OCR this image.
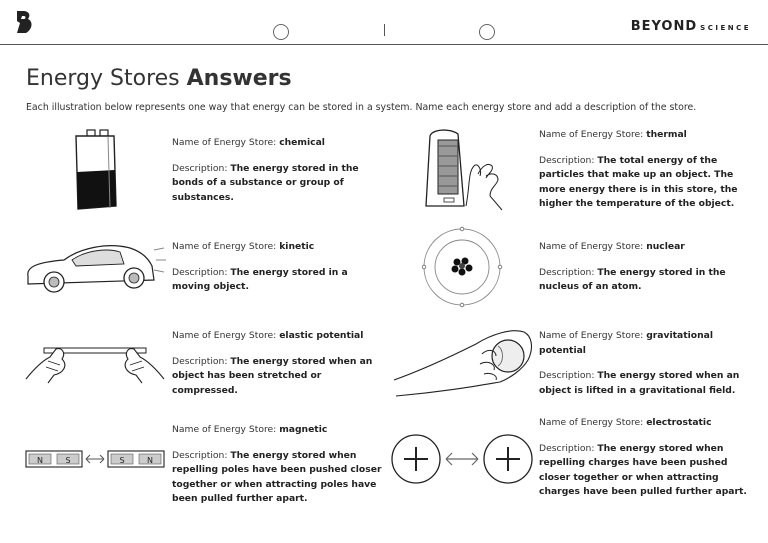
BEYOND SCIENCE
Energy Stores Answers
Each illustration below represents one way that energy can be stored in a system. Name each energy store and add a description of the store.
N	S	S	N
Name of Energy Store: chemical
Description: The energy stored in the bonds of a substance or group of substances.
Name of Energy Store: thermal
Description: The total energy of the particles that make up an object. The more energy there is in this store, the higher the temperature of the object.
Name of Energy Store: kinetic
Description: The energy stored in a moving object.
Name of Energy Store: nuclear
Description: The energy stored in the nucleus of an atom.
Name of Energy Store: elastic potential
Description: The energy stored when an object has been stretched or compressed.
Name of Energy Store: gravitational potential
Description: The energy stored when an object is lifted in a gravitational field.
Name of Energy Store: magnetic
Description: The energy stored when repelling poles have been pushed closer together or when attracting poles have been pulled further apart.
Name of Energy Store: electrostatic
Description: The energy stored when repelling charges have been pushed closer together or when attracting charges have been pulled further apart.
